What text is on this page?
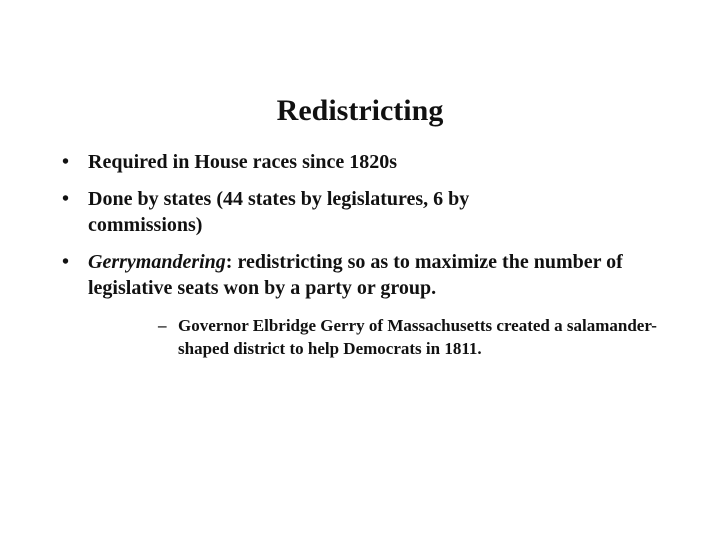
Redistricting
• Required in House races since 1820s
• Done by states (44 states by legislatures, 6 by commissions)
• Gerrymandering: redistricting so as to maximize the number of legislative seats won by a party or group.
– Governor Elbridge Gerry of Massachusetts created a salamander-shaped district to help Democrats in 1811.
